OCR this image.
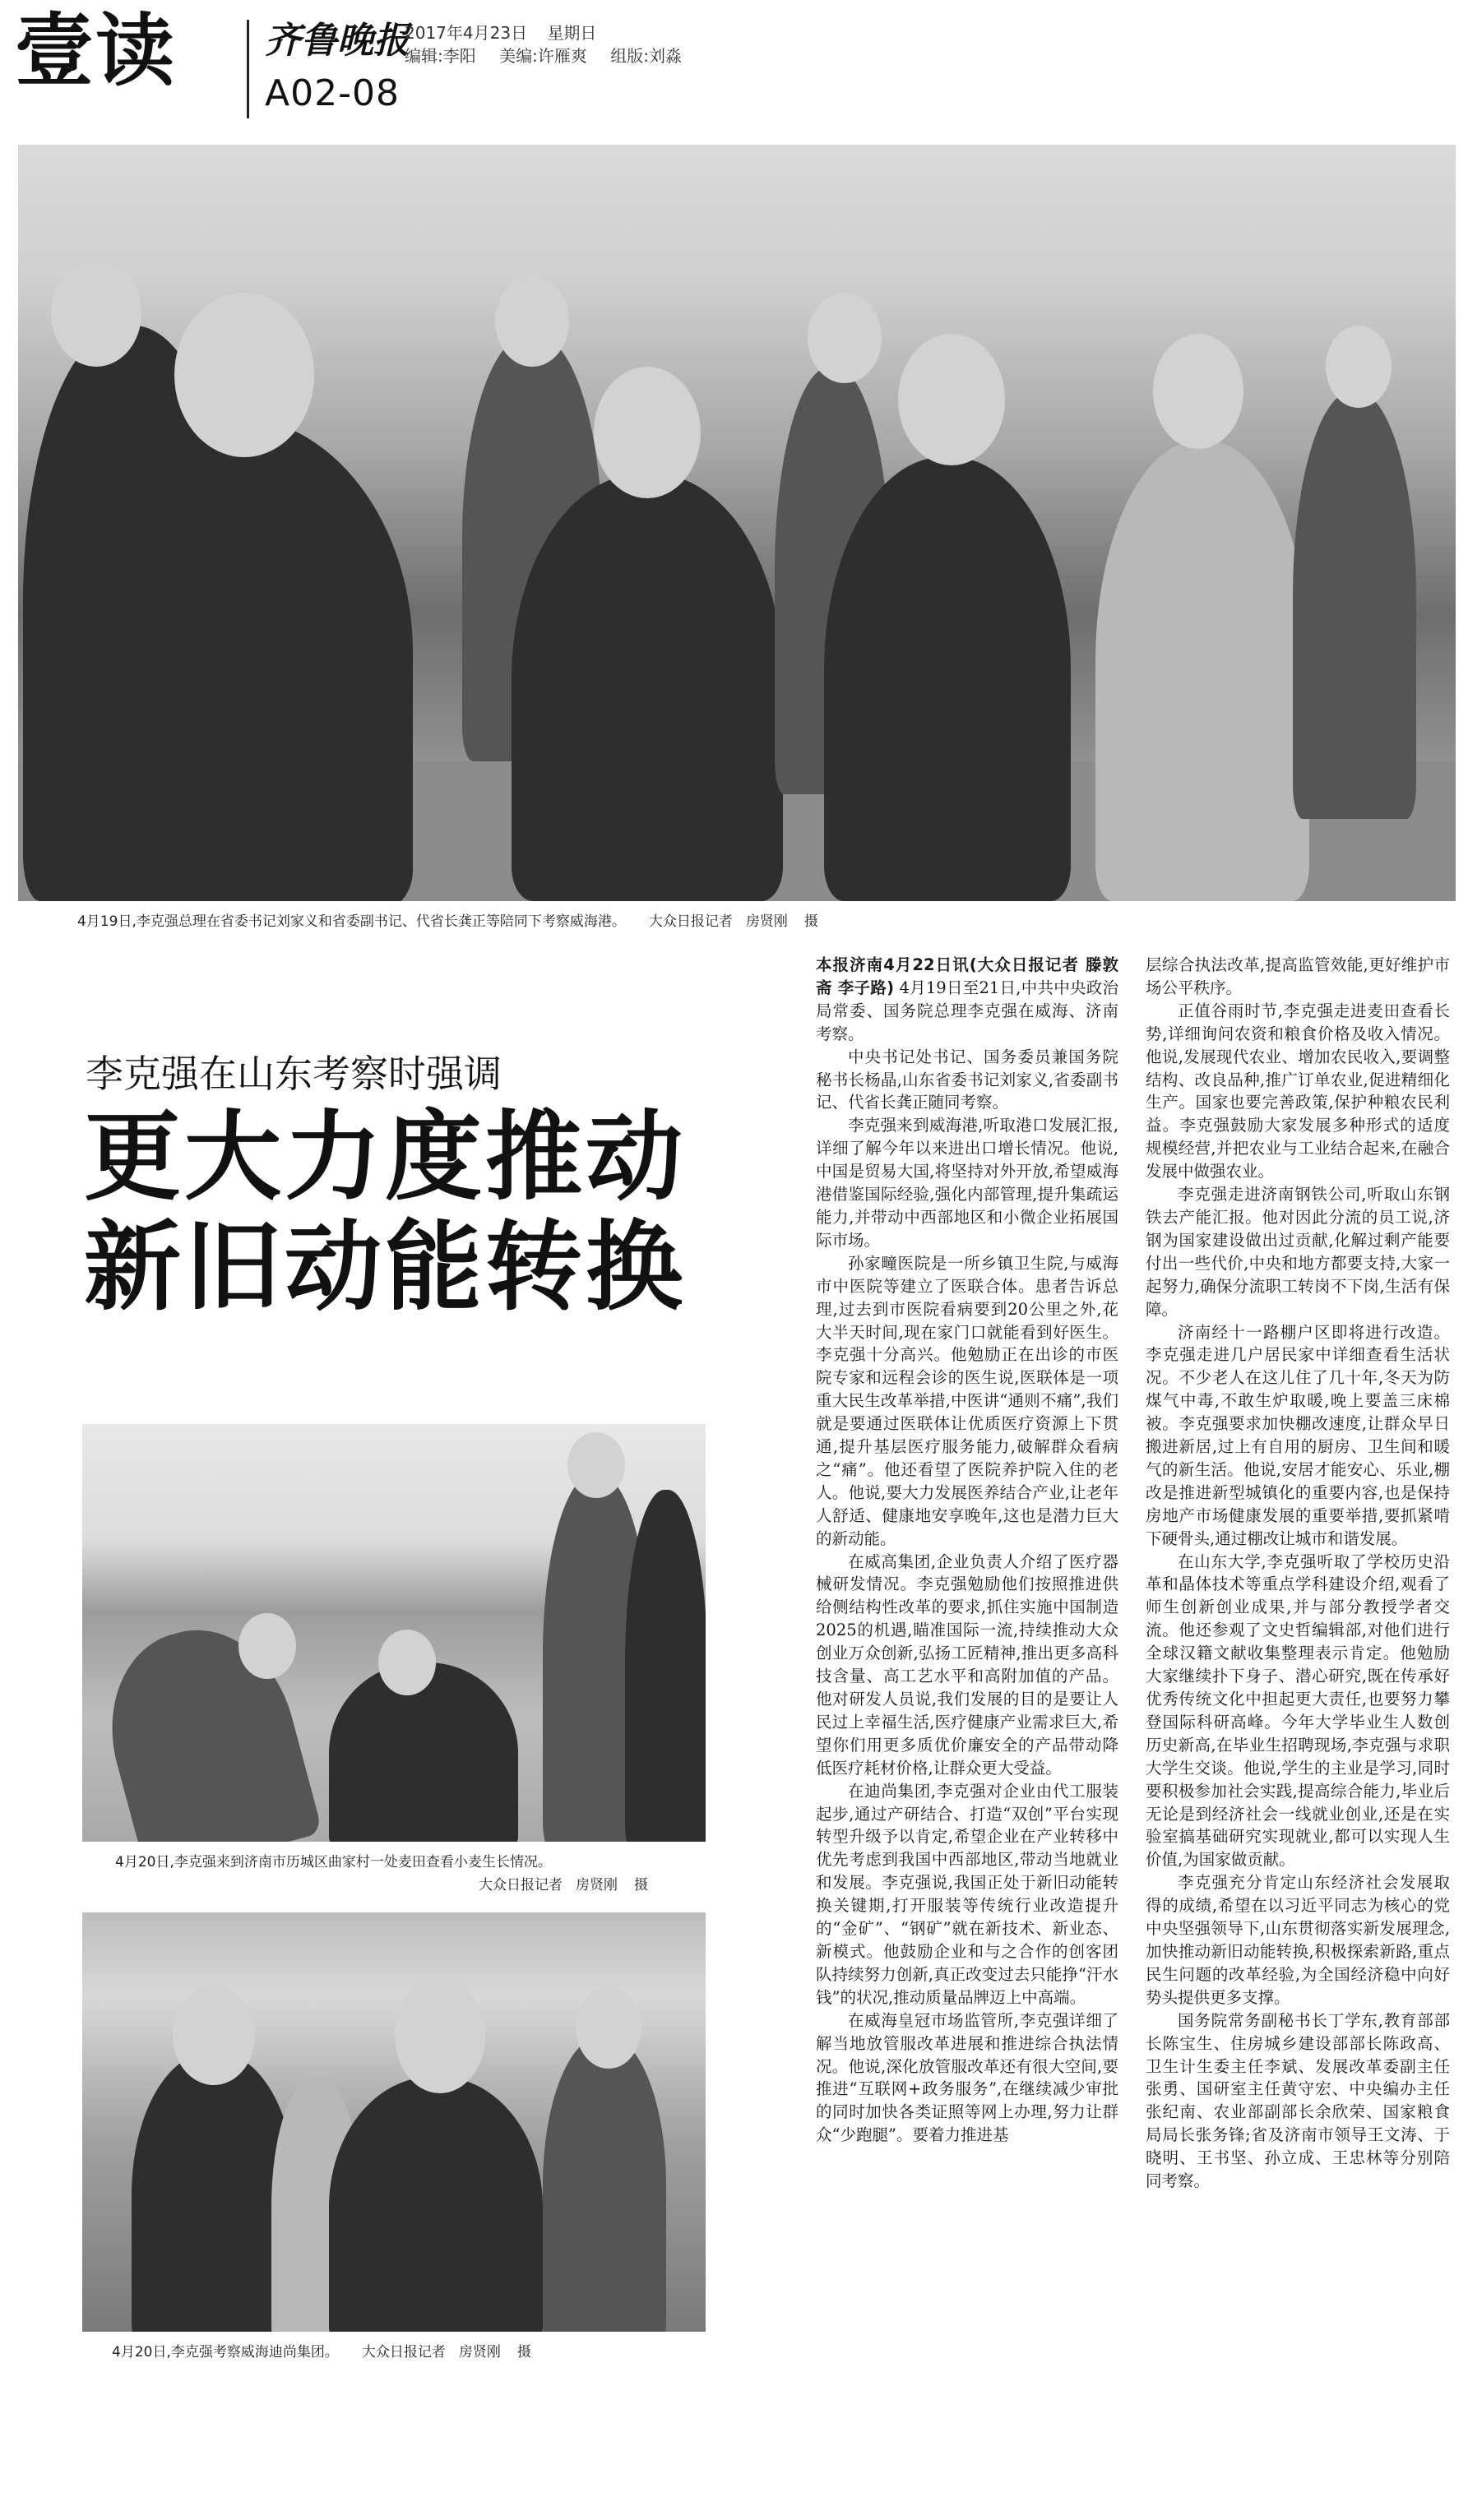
壹读 齐鲁晚报
A02-08
2017年4月23日 星期日
编辑:李阳 美编:许雁爽 组版:刘淼
4月19日,李克强总理在省委书记刘家义和省委副书记、代省长龚正等陪同下考察威海港。 大众日报记者 房贤刚 摄
李克强在山东考察时强调
更大力度推动
新旧动能转换
4月20日,李克强来到济南市历城区曲家村一处麦田查看小麦生长情况。
大众日报记者 房贤刚 摄
4月20日,李克强考察威海迪尚集团。 大众日报记者 房贤刚 摄

本报济南4月22日讯(大众日报记者 滕敦斋 李子路) 4月19日至21日,中共中央政治局常委、国务院总理李克强在威海、济南考察。

中央书记处书记、国务委员兼国务院秘书长杨晶,山东省委书记刘家义,省委副书记、代省长龚正随同考察。

李克强来到威海港,听取港口发展汇报,详细了解今年以来进出口增长情况。他说,中国是贸易大国,将坚持对外开放,希望威海港借鉴国际经验,强化内部管理,提升集疏运能力,并带动中西部地区和小微企业拓展国际市场。

孙家疃医院是一所乡镇卫生院,与威海市中医院等建立了医联合体。患者告诉总理,过去到市医院看病要到20公里之外,花大半天时间,现在家门口就能看到好医生。李克强十分高兴。他勉励正在出诊的市医院专家和远程会诊的医生说,医联体是一项重大民生改革举措,中医讲“通则不痛”,我们就是要通过医联体让优质医疗资源上下贯通,提升基层医疗服务能力,破解群众看病之“痛”。他还看望了医院养护院入住的老人。他说,要大力发展医养结合产业,让老年人舒适、健康地安享晚年,这也是潜力巨大的新动能。

在威高集团,企业负责人介绍了医疗器械研发情况。李克强勉励他们按照推进供给侧结构性改革的要求,抓住实施中国制造2025的机遇,瞄准国际一流,持续推动大众创业万众创新,弘扬工匠精神,推出更多高科技含量、高工艺水平和高附加值的产品。他对研发人员说,我们发展的目的是要让人民过上幸福生活,医疗健康产业需求巨大,希望你们用更多质优价廉安全的产品带动降低医疗耗材价格,让群众更大受益。

在迪尚集团,李克强对企业由代工服装起步,通过产研结合、打造“双创”平台实现转型升级予以肯定,希望企业在产业转移中优先考虑到我国中西部地区,带动当地就业和发展。李克强说,我国正处于新旧动能转换关键期,打开服装等传统行业改造提升的“金矿”、“钢矿”就在新技术、新业态、新模式。他鼓励企业和与之合作的创客团队持续努力创新,真正改变过去只能挣“汗水钱”的状况,推动质量品牌迈上中高端。

在威海皇冠市场监管所,李克强详细了解当地放管服改革进展和推进综合执法情况。他说,深化放管服改革还有很大空间,要推进“互联网+政务服务”,在继续减少审批的同时加快各类证照等网上办理,努力让群众“少跑腿”。要着力推进基

层综合执法改革,提高监管效能,更好维护市场公平秩序。

正值谷雨时节,李克强走进麦田查看长势,详细询问农资和粮食价格及收入情况。他说,发展现代农业、增加农民收入,要调整结构、改良品种,推广订单农业,促进精细化生产。国家也要完善政策,保护种粮农民利益。李克强鼓励大家发展多种形式的适度规模经营,并把农业与工业结合起来,在融合发展中做强农业。

李克强走进济南钢铁公司,听取山东钢铁去产能汇报。他对因此分流的员工说,济钢为国家建设做出过贡献,化解过剩产能要付出一些代价,中央和地方都要支持,大家一起努力,确保分流职工转岗不下岗,生活有保障。

济南经十一路棚户区即将进行改造。李克强走进几户居民家中详细查看生活状况。不少老人在这儿住了几十年,冬天为防煤气中毒,不敢生炉取暖,晚上要盖三床棉被。李克强要求加快棚改速度,让群众早日搬进新居,过上有自用的厨房、卫生间和暖气的新生活。他说,安居才能安心、乐业,棚改是推进新型城镇化的重要内容,也是保持房地产市场健康发展的重要举措,要抓紧啃下硬骨头,通过棚改让城市和谐发展。

在山东大学,李克强听取了学校历史沿革和晶体技术等重点学科建设介绍,观看了师生创新创业成果,并与部分教授学者交流。他还参观了文史哲编辑部,对他们进行全球汉籍文献收集整理表示肯定。他勉励大家继续扑下身子、潜心研究,既在传承好优秀传统文化中担起更大责任,也要努力攀登国际科研高峰。今年大学毕业生人数创历史新高,在毕业生招聘现场,李克强与求职大学生交谈。他说,学生的主业是学习,同时要积极参加社会实践,提高综合能力,毕业后无论是到经济社会一线就业创业,还是在实验室搞基础研究实现就业,都可以实现人生价值,为国家做贡献。

李克强充分肯定山东经济社会发展取得的成绩,希望在以习近平同志为核心的党中央坚强领导下,山东贯彻落实新发展理念,加快推动新旧动能转换,积极探索新路,重点民生问题的改革经验,为全国经济稳中向好势头提供更多支撑。

国务院常务副秘书长丁学东,教育部部长陈宝生、住房城乡建设部部长陈政高、卫生计生委主任李斌、发展改革委副主任张勇、国研室主任黄守宏、中央编办主任张纪南、农业部副部长余欣荣、国家粮食局局长张务锋;省及济南市领导王文涛、于晓明、王书坚、孙立成、王忠林等分别陪同考察。
